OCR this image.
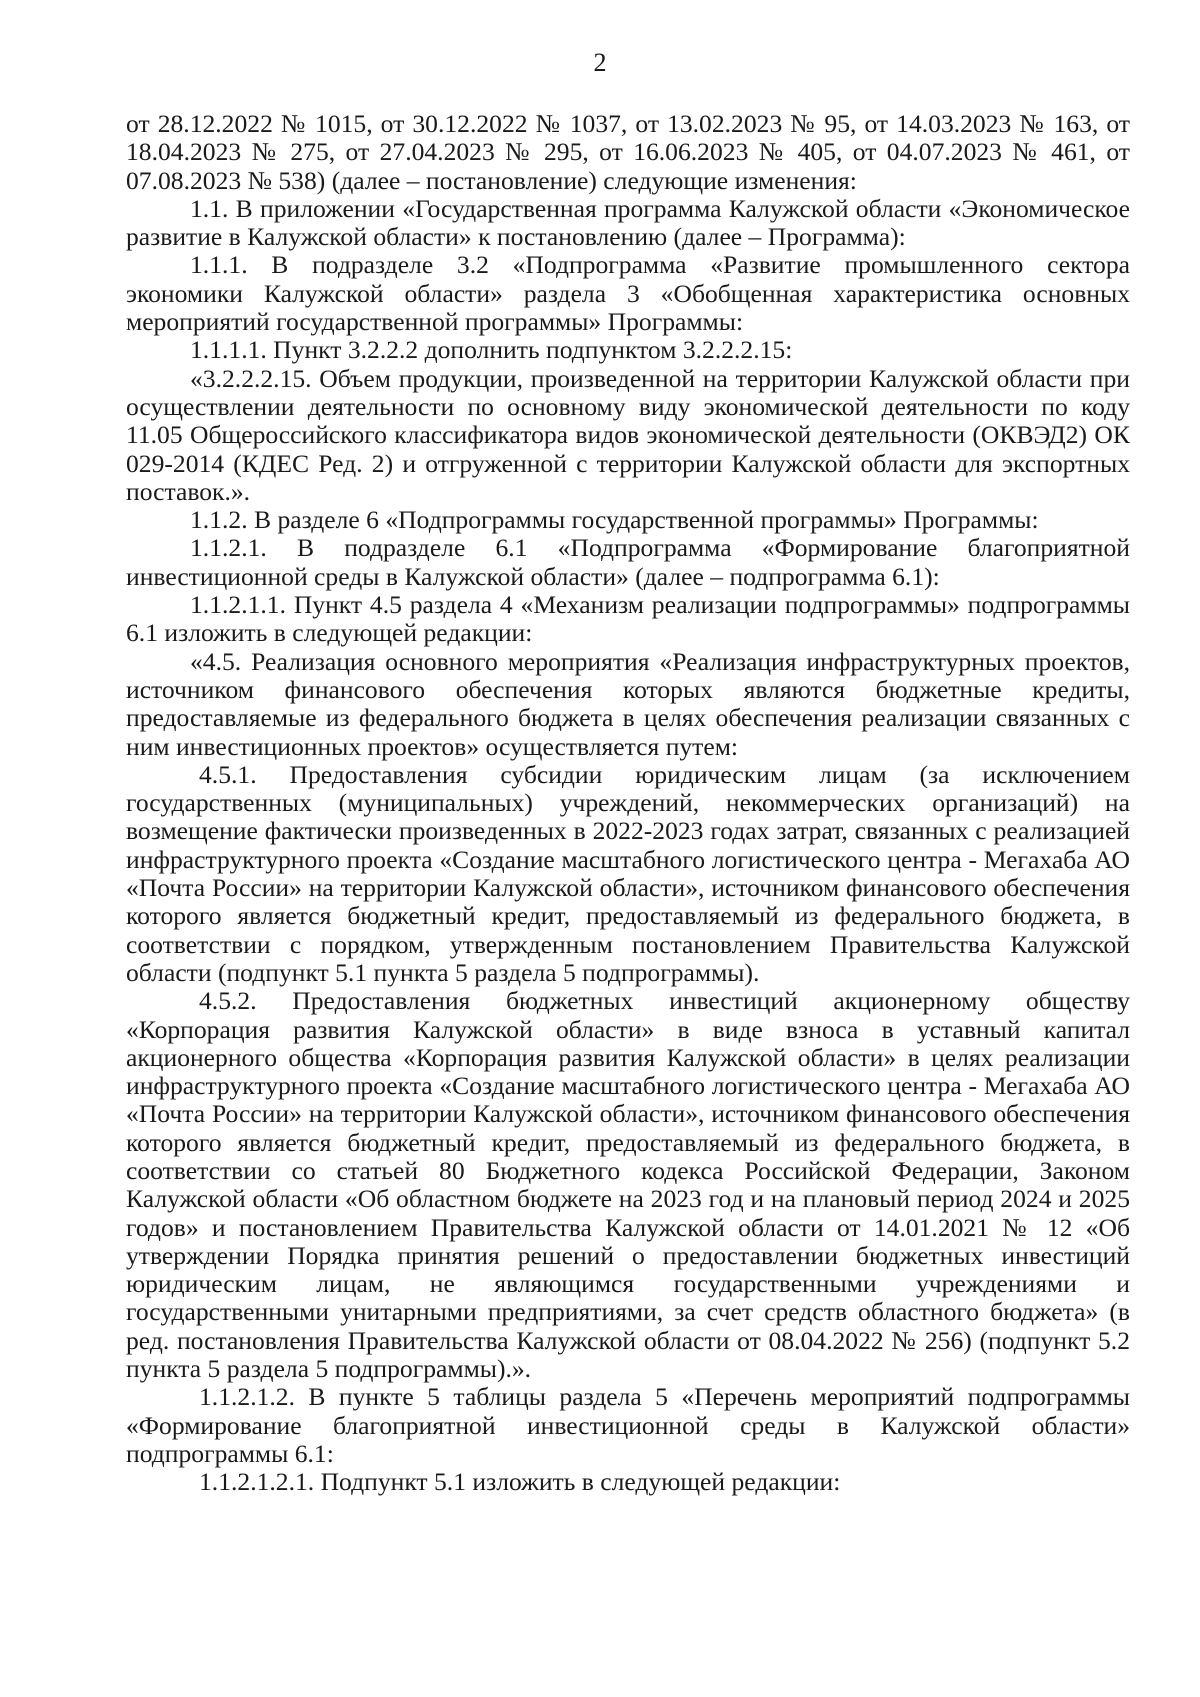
2

от 28.12.2022 № 1015, от 30.12.2022 № 1037, от 13.02.2023 № 95, от 14.03.2023 № 163, от 18.04.2023 № 275, от 27.04.2023 № 295, от 16.06.2023 № 405, от 04.07.2023 № 461, от 07.08.2023 № 538) (далее – постановление) следующие изменения:

1.1. В приложении «Государственная программа Калужской области «Экономическое развитие в Калужской области» к постановлению (далее – Программа):

1.1.1. В подразделе 3.2 «Подпрограмма «Развитие промышленного сектора экономики Калужской области» раздела 3 «Обобщенная характеристика основных мероприятий государственной программы» Программы:

1.1.1.1. Пункт 3.2.2.2 дополнить подпунктом 3.2.2.2.15:

«3.2.2.2.15. Объем продукции, произведенной на территории Калужской области при осуществлении деятельности по основному виду экономической деятельности по коду 11.05 Общероссийского классификатора видов экономической деятельности (ОКВЭД2) ОК 029-2014 (КДЕС Ред. 2) и отгруженной с территории Калужской области для экспортных поставок.».

1.1.2. В разделе 6 «Подпрограммы государственной программы» Программы:

1.1.2.1. В подразделе 6.1 «Подпрограмма «Формирование благоприятной инвестиционной среды в Калужской области» (далее – подпрограмма 6.1):

1.1.2.1.1. Пункт 4.5 раздела 4 «Механизм реализации подпрограммы» подпрограммы 6.1 изложить в следующей редакции:

«4.5. Реализация основного мероприятия «Реализация инфраструктурных проектов, источником финансового обеспечения которых являются бюджетные кредиты, предоставляемые из федерального бюджета в целях обеспечения реализации связанных с ним инвестиционных проектов» осуществляется путем:

4.5.1. Предоставления субсидии юридическим лицам (за исключением государственных (муниципальных) учреждений, некоммерческих организаций) на возмещение фактически произведенных в 2022-2023 годах затрат, связанных с реализацией инфраструктурного проекта «Создание масштабного логистического центра - Мегахаба АО «Почта России» на территории Калужской области», источником финансового обеспечения которого является бюджетный кредит, предоставляемый из федерального бюджета, в соответствии с порядком, утвержденным постановлением Правительства Калужской области (подпункт 5.1 пункта 5 раздела 5 подпрограммы).

4.5.2. Предоставления бюджетных инвестиций акционерному обществу «Корпорация развития Калужской области» в виде взноса в уставный капитал акционерного общества «Корпорация развития Калужской области» в целях реализации инфраструктурного проекта «Создание масштабного логистического центра - Мегахаба АО «Почта России» на территории Калужской области», источником финансового обеспечения которого является бюджетный кредит, предоставляемый из федерального бюджета, в соответствии со статьей 80 Бюджетного кодекса Российской Федерации, Законом Калужской области «Об областном бюджете на 2023 год и на плановый период 2024 и 2025 годов» и постановлением Правительства Калужской области от 14.01.2021 № 12 «Об утверждении Порядка принятия решений о предоставлении бюджетных инвестиций юридическим лицам, не являющимся государственными учреждениями и государственными унитарными предприятиями, за счет средств областного бюджета» (в ред. постановления Правительства Калужской области от 08.04.2022 № 256) (подпункт 5.2 пункта 5 раздела 5 подпрограммы).».

1.1.2.1.2. В пункте 5 таблицы раздела 5 «Перечень мероприятий подпрограммы «Формирование благоприятной инвестиционной среды в Калужской области» подпрограммы 6.1:

1.1.2.1.2.1. Подпункт 5.1 изложить в следующей редакции:
